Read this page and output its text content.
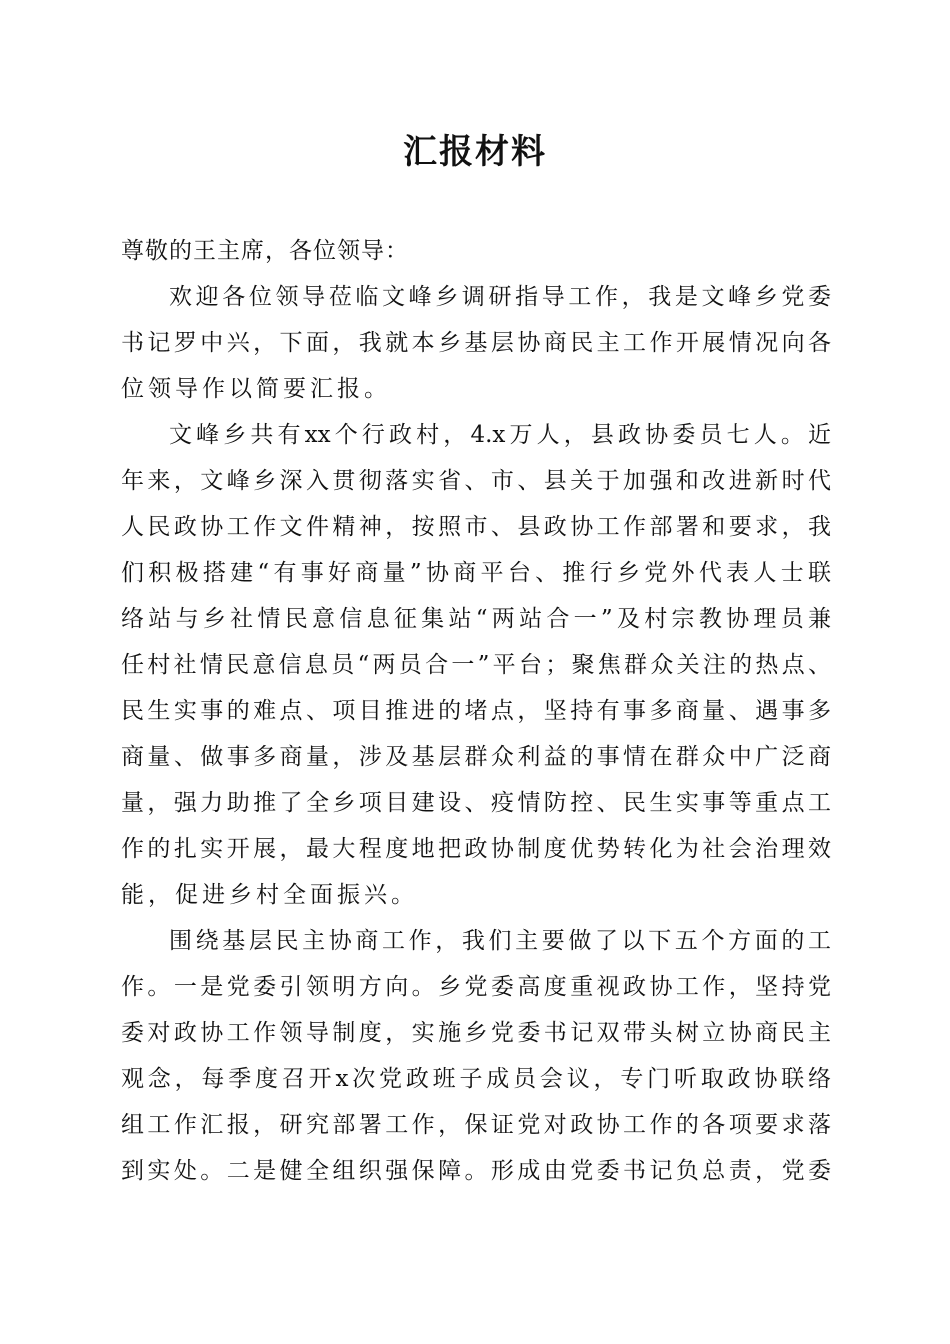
汇报材料
尊敬的王主席，各位领导：
欢迎各位领导莅临文峰乡调研指导工作，我是文峰乡党委
书记罗中兴，下面，我就本乡基层协商民主工作开展情况向各
位领导作以简要汇报。
文峰乡共有xx个行政村，4.x万人，县政协委员七人。近
年来，文峰乡深入贯彻落实省、市、县关于加强和改进新时代
人民政协工作文件精神，按照市、县政协工作部署和要求，我
们积极搭建“有事好商量”协商平台、推行乡党外代表人士联
络站与乡社情民意信息征集站“两站合一”及村宗教协理员兼
任村社情民意信息员“两员合一”平台；聚焦群众关注的热点、
民生实事的难点、项目推进的堵点，坚持有事多商量、遇事多
商量、做事多商量，涉及基层群众利益的事情在群众中广泛商
量，强力助推了全乡项目建设、疫情防控、民生实事等重点工
作的扎实开展，最大程度地把政协制度优势转化为社会治理效
能，促进乡村全面振兴。
围绕基层民主协商工作，我们主要做了以下五个方面的工
作。一是党委引领明方向。乡党委高度重视政协工作，坚持党
委对政协工作领导制度，实施乡党委书记双带头树立协商民主
观念，每季度召开x次党政班子成员会议，专门听取政协联络
组工作汇报，研究部署工作，保证党对政协工作的各项要求落
到实处。二是健全组织强保障。形成由党委书记负总责，党委
